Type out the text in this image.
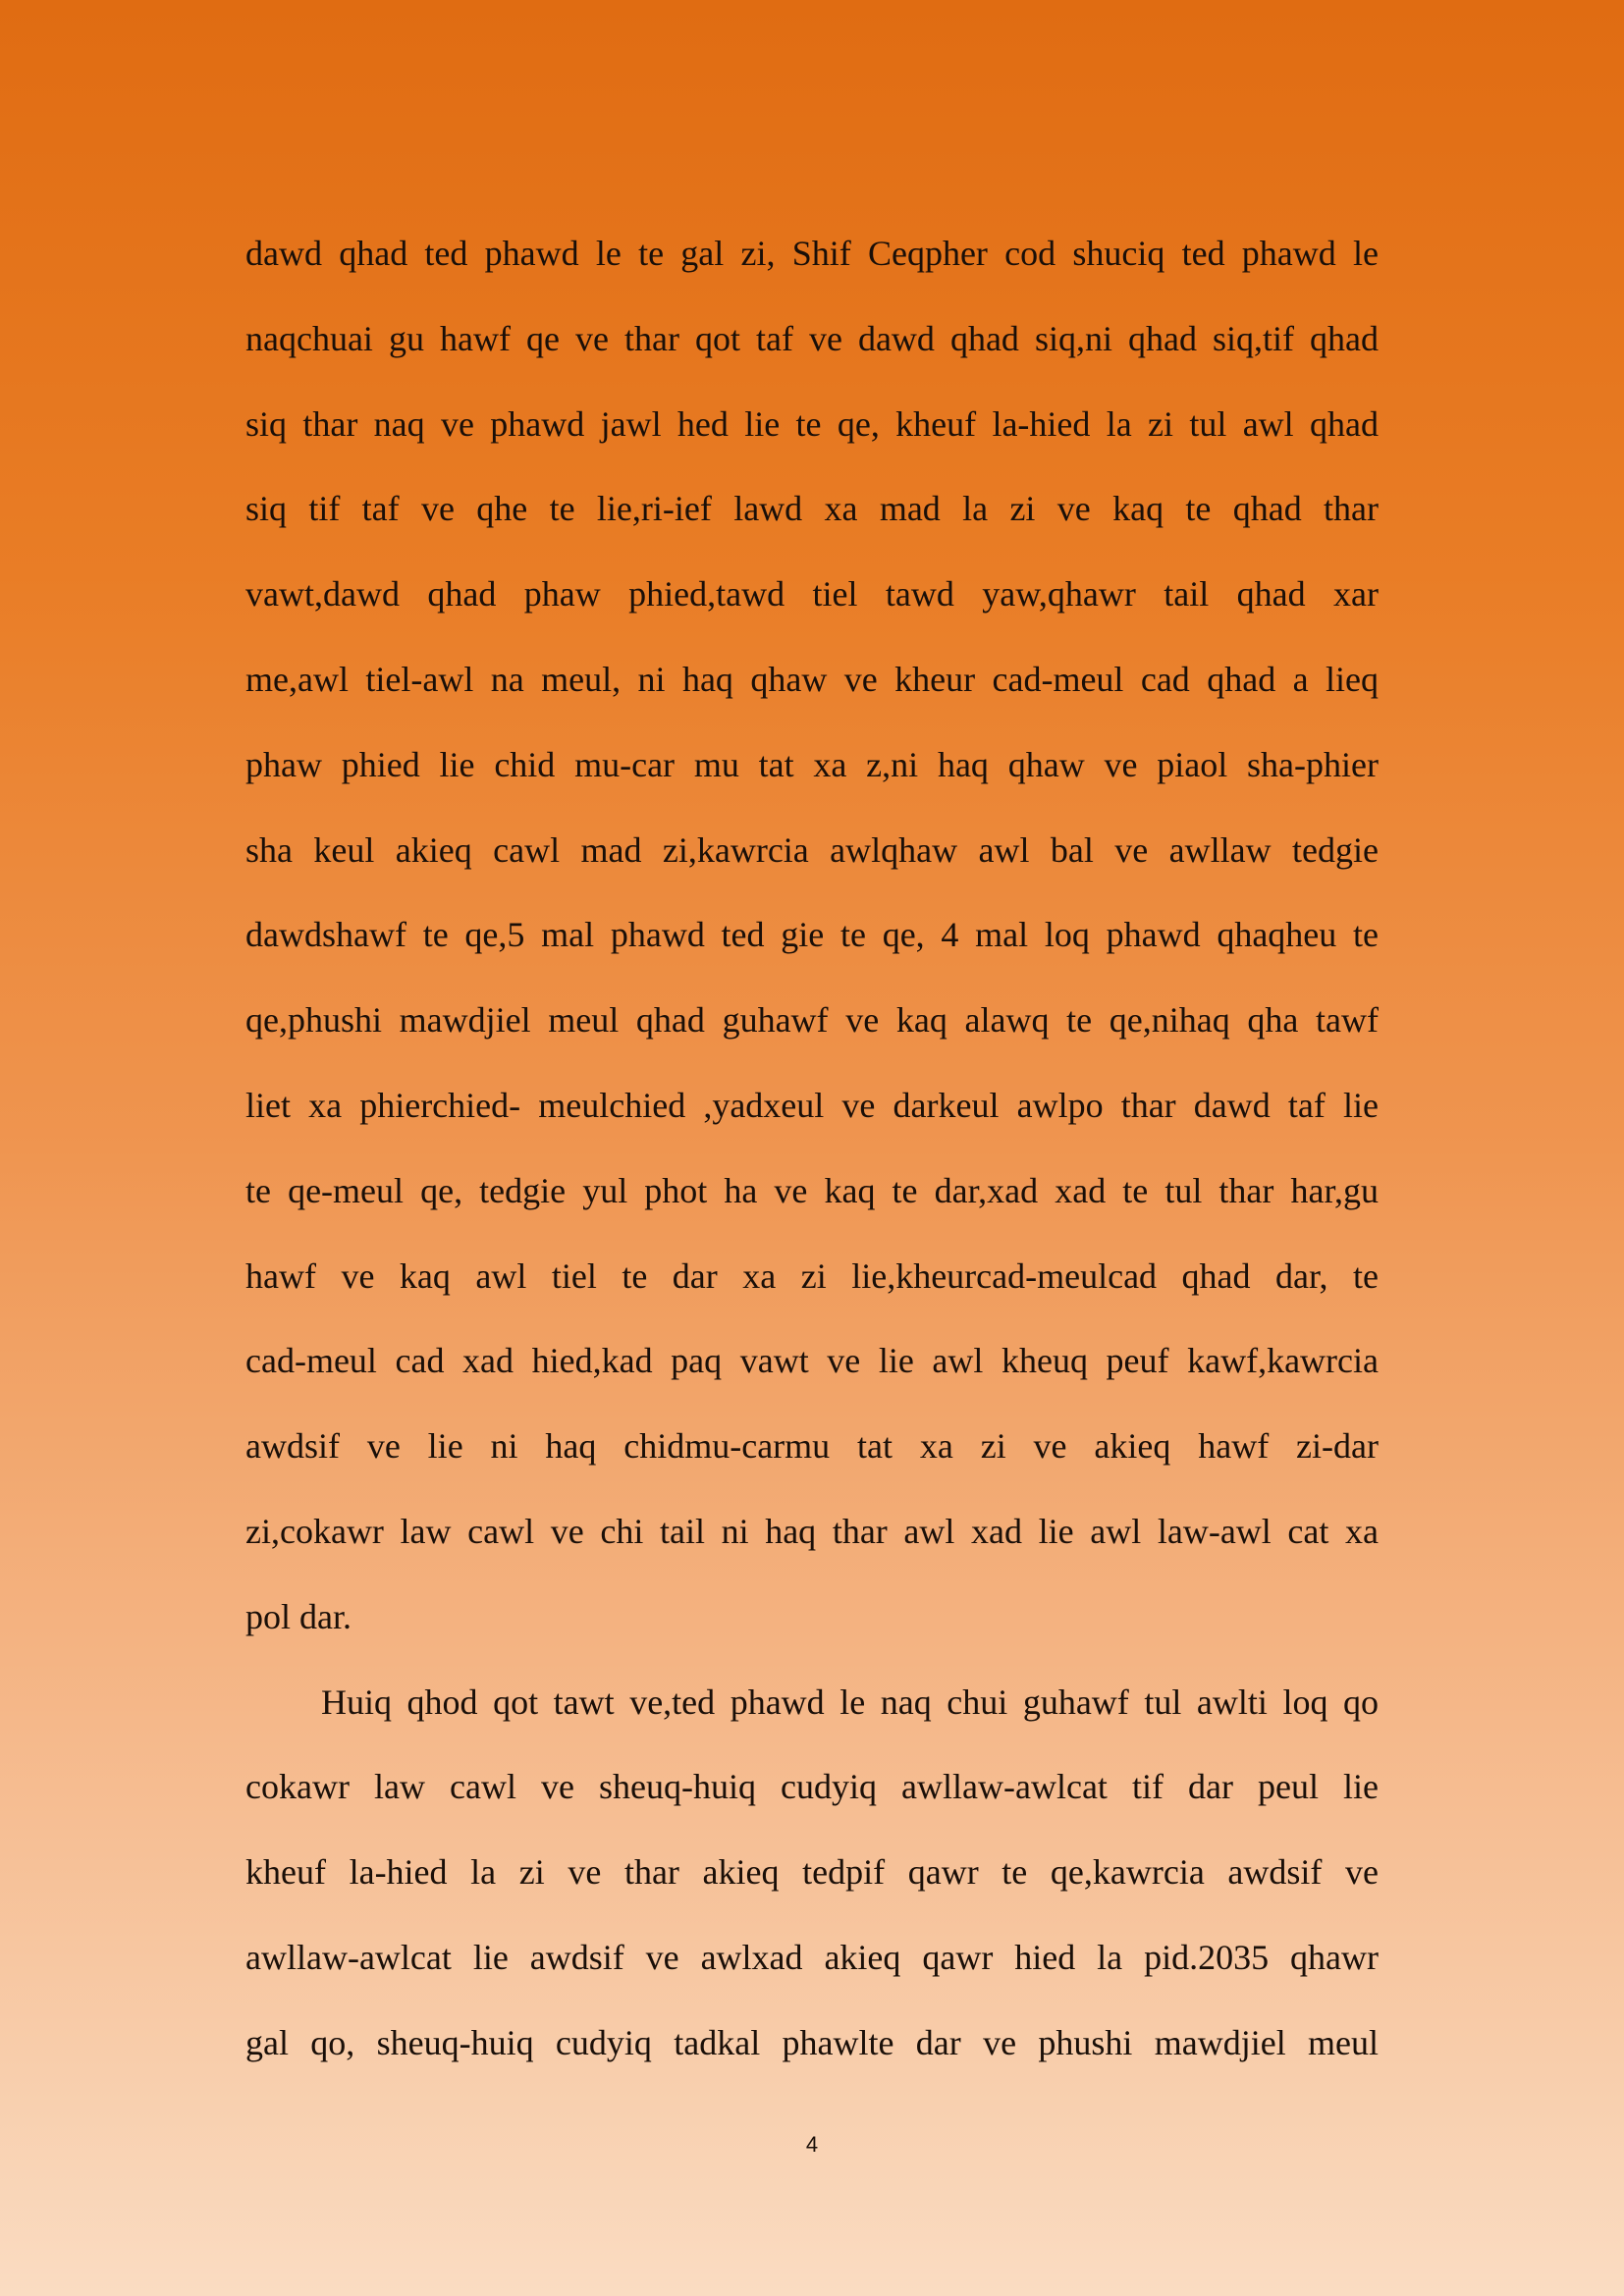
dawd qhad ted phawd le te gal zi, Shif Ceqpher cod shuciq ted phawd le
naqchuai gu hawf qe ve thar qot taf ve dawd qhad siq,ni qhad siq,tif qhad
siq thar naq ve phawd jawl hed lie te qe, kheuf la-hied la zi tul awl qhad
siq tif taf ve qhe te lie,ri-ief lawd xa mad la zi ve kaq te qhad thar
vawt,dawd qhad phaw phied,tawd tiel tawd yaw,qhawr tail qhad xar
me,awl tiel-awl na meul, ni haq qhaw ve kheur cad-meul cad qhad a lieq
phaw phied lie chid mu-car mu tat xa z,ni haq qhaw ve piaol sha-phier
sha keul akieq cawl mad zi,kawrcia awlqhaw awl bal ve awllaw tedgie
dawdshawf te qe,5 mal phawd ted gie te qe, 4 mal loq phawd qhaqheu te
qe,phushi mawdjiel meul qhad guhawf ve kaq alawq te qe,nihaq qha tawf
liet xa phierchied- meulchied ,yadxeul ve darkeul awlpo thar dawd taf lie
te qe-meul qe, tedgie yul phot ha ve kaq te dar,xad xad te tul thar har,gu
hawf ve kaq awl tiel te dar xa zi lie,kheurcad-meulcad qhad dar, te
cad-meul cad xad hied,kad paq vawt ve lie awl kheuq peuf kawf,kawrcia
awdsif ve lie ni haq chidmu-carmu tat xa zi ve akieq hawf zi-dar
zi,cokawr law cawl ve chi tail ni haq thar awl xad lie awl law-awl cat xa
pol dar.
Huiq qhod qot tawt ve,ted phawd le naq chui guhawf tul awlti loq qo
cokawr law cawl ve sheuq-huiq cudyiq awllaw-awlcat tif dar peul lie
kheuf la-hied la zi ve thar akieq tedpif qawr te qe,kawrcia awdsif ve
awllaw-awlcat lie awdsif ve awlxad akieq qawr hied la pid.2035 qhawr
gal qo, sheuq-huiq cudyiq tadkal phawlte dar ve phushi mawdjiel meul
4
